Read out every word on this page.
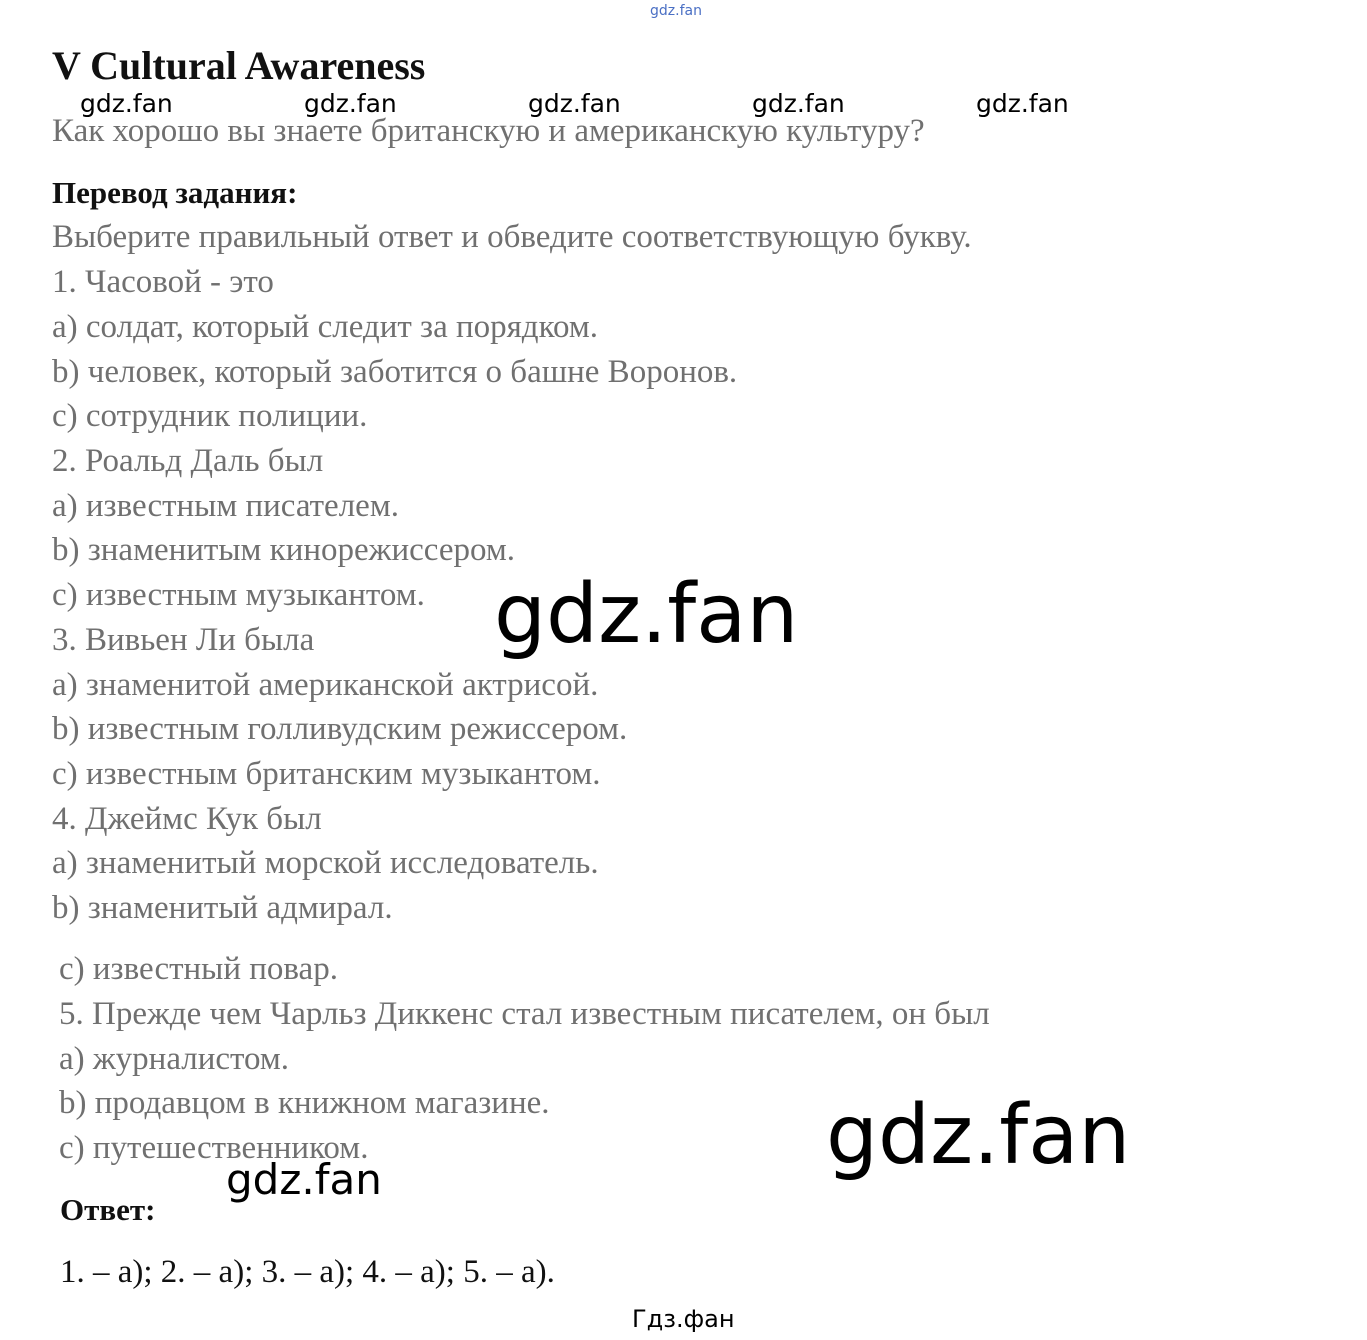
gdz.fan
V Cultural Awareness
gdz.fan	gdz.fan	gdz.fan	gdz.fan	gdz.fan
Как хорошо вы знаете британскую и американскую культуру?
Перевод задания:
Выберите правильный ответ и обведите соответствующую букву.
1. Часовой - это
а) солдат, который следит за порядком.
b) человек, который заботится о башне Воронов.
с) сотрудник полиции.
2. Роальд Даль был
а) известным писателем.
b) знаменитым кинорежиссером.
с) известным музыкантом.
3. Вивьен Ли была
а) знаменитой американской актрисой.
b) известным голливудским режиссером.
с) известным британским музыкантом.
4. Джеймс Кук был
а) знаменитый морской исследователь.
b) знаменитый адмирал.
с) известный повар.
5. Прежде чем Чарльз Диккенс стал известным писателем, он был
а) журналистом.
b) продавцом в книжном магазине.
с) путешественником.
gdz.fan
gdz.fan
gdz.fan
Ответ:
1. – а); 2. – а); 3. – а); 4. – а); 5. – а).
Гдз.фан
